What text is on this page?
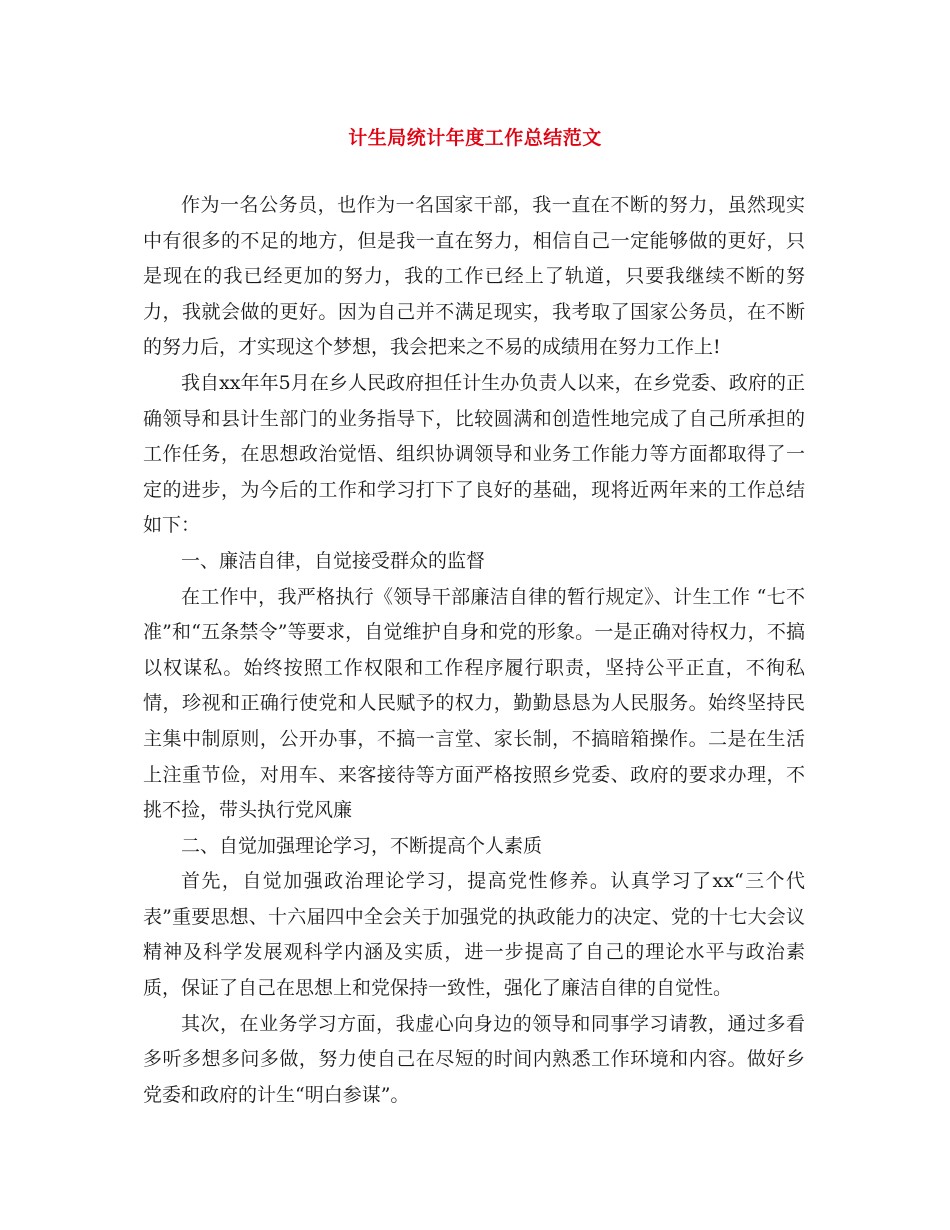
计生局统计年度工作总结范文

作为一名公务员，也作为一名国家干部，我一直在不断的努力，虽然现实中有很多的不足的地方，但是我一直在努力，相信自己一定能够做的更好，只是现在的我已经更加的努力，我的工作已经上了轨道，只要我继续不断的努力，我就会做的更好。因为自己并不满足现实，我考取了国家公务员，在不断的努力后，才实现这个梦想，我会把来之不易的成绩用在努力工作上!

我自xx年年5月在乡人民政府担任计生办负责人以来，在乡党委、政府的正确领导和县计生部门的业务指导下，比较圆满和创造性地完成了自己所承担的工作任务，在思想政治觉悟、组织协调领导和业务工作能力等方面都取得了一定的进步，为今后的工作和学习打下了良好的基础，现将近两年来的工作总结如下：

一、廉洁自律，自觉接受群众的监督

在工作中，我严格执行《领导干部廉洁自律的暂行规定》、计生工作 “七不准”和“五条禁令”等要求，自觉维护自身和党的形象。一是正确对待权力，不搞以权谋私。始终按照工作权限和工作程序履行职责，坚持公平正直，不徇私情，珍视和正确行使党和人民赋予的权力，勤勤恳恳为人民服务。始终坚持民主集中制原则，公开办事，不搞一言堂、家长制，不搞暗箱操作。二是在生活上注重节俭，对用车、来客接待等方面严格按照乡党委、政府的要求办理，不挑不捡，带头执行党风廉

二、自觉加强理论学习，不断提高个人素质

首先，自觉加强政治理论学习，提高党性修养。认真学习了xx“三个代表”重要思想、十六届四中全会关于加强党的执政能力的决定、党的十七大会议精神及科学发展观科学内涵及实质，进一步提高了自己的理论水平与政治素质，保证了自己在思想上和党保持一致性，强化了廉洁自律的自觉性。

其次，在业务学习方面，我虚心向身边的领导和同事学习请教，通过多看多听多想多问多做，努力使自己在尽短的时间内熟悉工作环境和内容。做好乡党委和政府的计生“明白参谋”。
